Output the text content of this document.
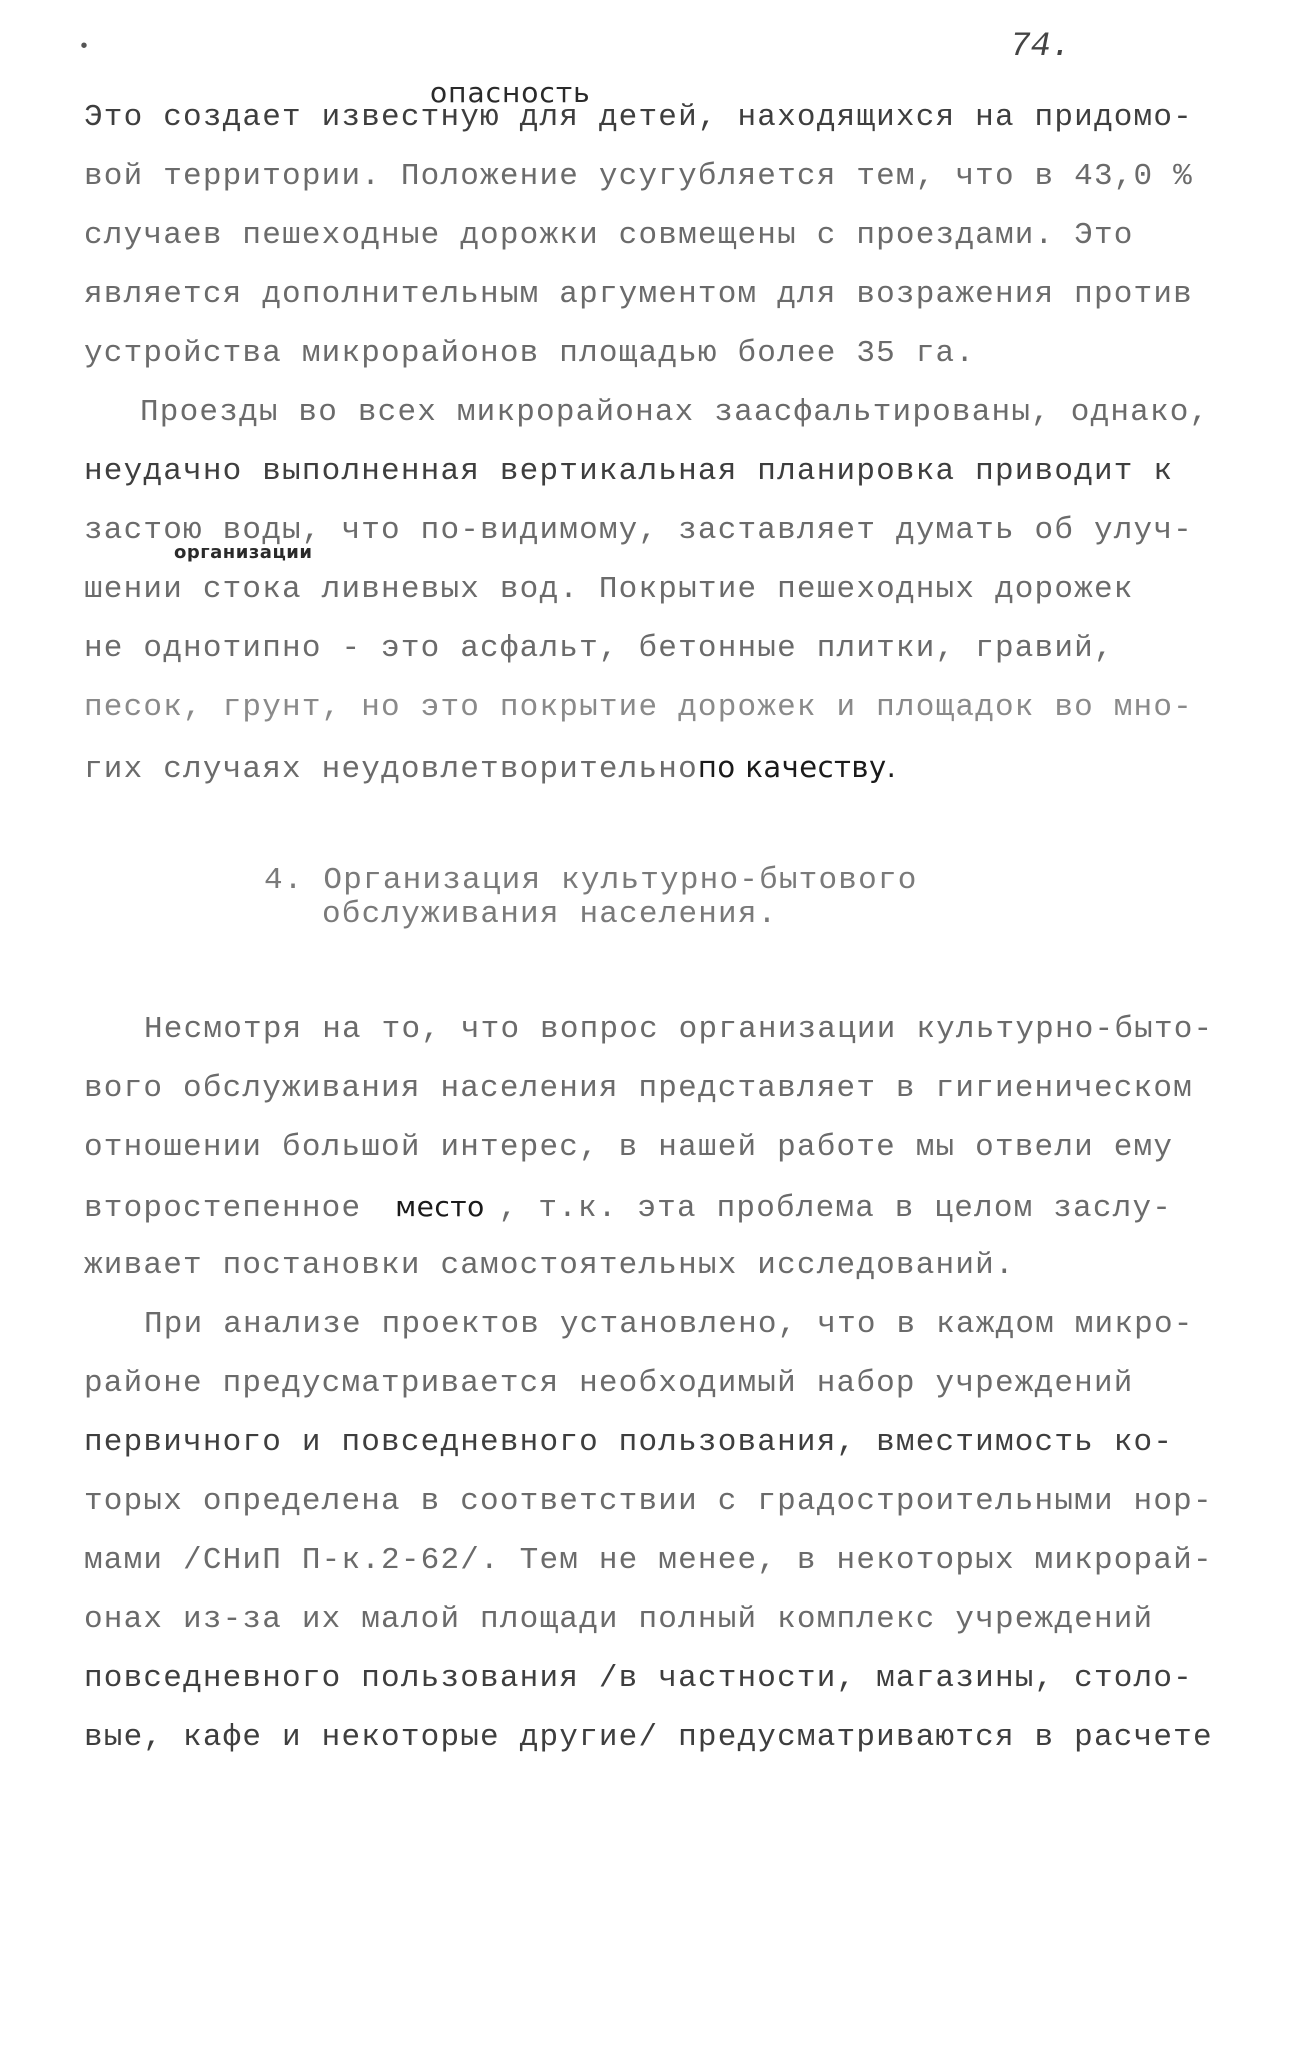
•	74.
опасность
Это создает известную для детей, находящихся на придомо-
вой территории. Положение усугубляется тем, что в 43,0 %
случаев пешеходные дорожки совмещены с проездами. Это
является дополнительным аргументом для возражения против
устройства микрорайонов площадью более 35 га.
Проезды во всех микрорайонах заасфальтированы, однако,
неудачно выполненная вертикальная планировка приводит к
застою воды, что по-видимому, заставляет думать об улуч-
организации
шении стока ливневых вод. Покрытие пешеходных дорожек
не однотипно - это асфальт, бетонные плитки, гравий,
песок, грунт, но это покрытие дорожек и площадок во мно-
гих случаях неудовлетворительнопо качеству.
4. Организация культурно-бытового
обслуживания населения.
Несмотря на то, что вопрос организации культурно-быто-
вого обслуживания населения представляет в гигиеническом
отношении большой интерес, в нашей работе мы отвели ему
второстепенное место , т.к. эта проблема в целом заслу-
живает постановки самостоятельных исследований.
При анализе проектов установлено, что в каждом микро-
районе предусматривается необходимый набор учреждений
первичного и повседневного пользования, вместимость ко-
торых определена в соответствии с градостроительными нор-
мами /СНиП П-к.2-62/. Тем не менее, в некоторых микрорай-
онах из-за их малой площади полный комплекс учреждений
повседневного пользования /в частности, магазины, столо-
вые, кафе и некоторые другие/ предусматриваются в расчете
